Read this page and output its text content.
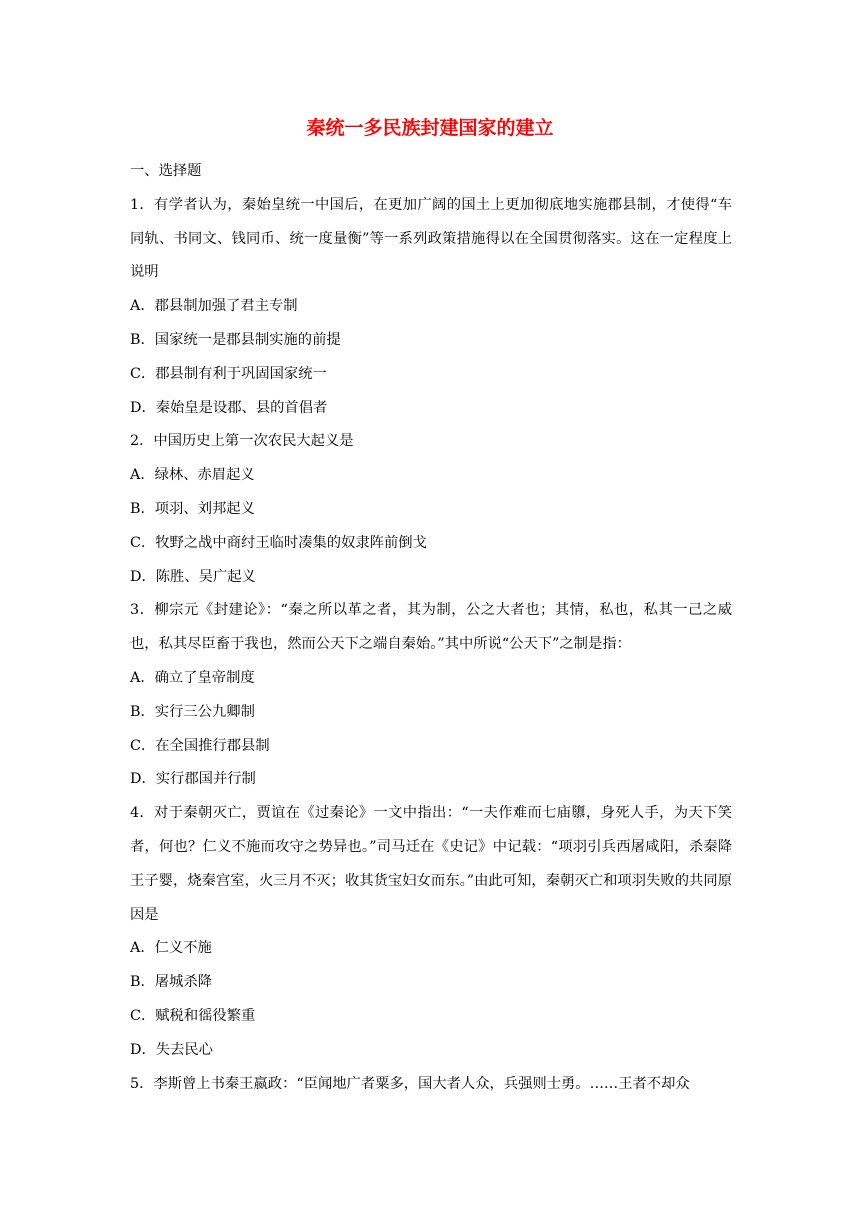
秦统一多民族封建国家的建立
一、选择题
1．有学者认为，秦始皇统一中国后，在更加广阔的国土上更加彻底地实施郡县制，才使得“车同轨、书同文、钱同币、统一度量衡”等一系列政策措施得以在全国贯彻落实。这在一定程度上说明
A．郡县制加强了君主专制
B．国家统一是郡县制实施的前提
C．郡县制有利于巩固国家统一
D．秦始皇是设郡、县的首倡者
2．中国历史上第一次农民大起义是
A．绿林、赤眉起义
B．项羽、刘邦起义
C．牧野之战中商纣王临时凑集的奴隶阵前倒戈
D．陈胜、吴广起义
3．柳宗元《封建论》：“秦之所以革之者，其为制，公之大者也；其情，私也，私其一己之威也，私其尽臣畜于我也，然而公天下之端自秦始。”其中所说“公天下”之制是指：
A．确立了皇帝制度
B．实行三公九卿制
C．在全国推行郡县制
D．实行郡国并行制
4．对于秦朝灭亡，贾谊在《过秦论》一文中指出：“一夫作难而七庙隳，身死人手，为天下笑者，何也？仁义不施而攻守之势异也。”司马迁在《史记》中记载：“项羽引兵西屠咸阳，杀秦降王子婴，烧秦宫室，火三月不灭；收其货宝妇女而东。”由此可知，秦朝灭亡和项羽失败的共同原因是
A．仁义不施
B．屠城杀降
C．赋税和徭役繁重
D．失去民心
5．李斯曾上书秦王嬴政：“臣闻地广者粟多，国大者人众，兵强则士勇。……王者不却众
